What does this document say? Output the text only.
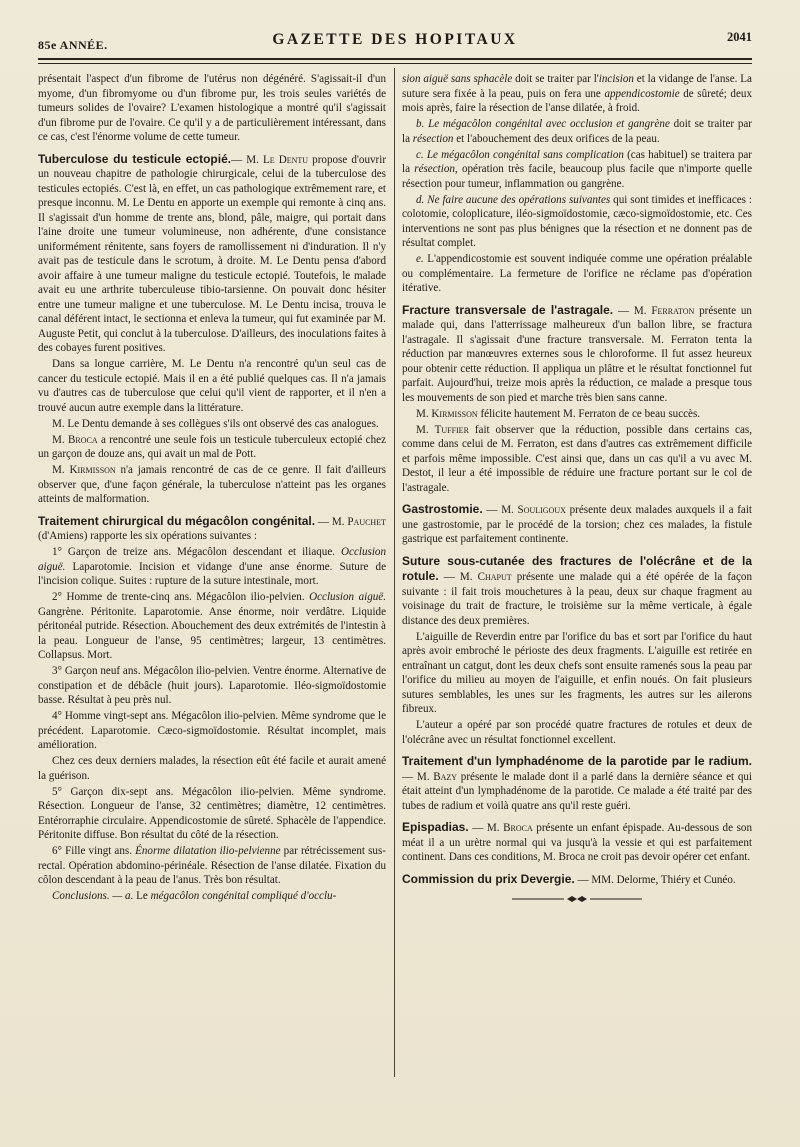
85e ANNÉE.	GAZETTE DES HOPITAUX	2041

présentait l'aspect d'un fibrome de l'utérus non dégénéré. S'agissait-il d'un myome, d'un fibromyome ou d'un fibrome pur, les trois seules variétés de tumeurs solides de l'ovaire? L'examen histologique a montré qu'il s'agissait d'un fibrome pur de l'ovaire. Ce qu'il y a de particulièrement intéressant, dans ce cas, c'est l'énorme volume de cette tumeur.

Tuberculose du testicule ectopié.— M. Le Dentu propose d'ouvrir un nouveau chapitre de pathologie chirurgicale, celui de la tuberculose des testicules ectopiés. C'est là, en effet, un cas pathologique extrêmement rare, et presque inconnu. M. Le Dentu en apporte un exemple qui remonte à cinq ans. Il s'agissait d'un homme de trente ans, blond, pâle, maigre, qui portait dans l'aine droite une tumeur volumineuse, non adhérente, d'une consistance uniformément rénitente, sans foyers de ramollissement ni d'induration. Il n'y avait pas de testicule dans le scrotum, à droite. M. Le Dentu pensa d'abord avoir affaire à une tumeur maligne du testicule ectopié. Toutefois, le malade avait eu une arthrite tuberculeuse tibio-tarsienne. On pouvait donc hésiter entre une tumeur maligne et une tuberculose. M. Le Dentu incisa, trouva le canal déférent intact, le sectionna et enleva la tumeur, qui fut examinée par M. Auguste Petit, qui conclut à la tuberculose. D'ailleurs, des inoculations faites à des cobayes furent positives.

Dans sa longue carrière, M. Le Dentu n'a rencontré qu'un seul cas de cancer du testicule ectopié. Mais il en a été publié quelques cas. Il n'a jamais vu d'autres cas de tuberculose que celui qu'il vient de rapporter, et il n'en a trouvé aucun autre exemple dans la littérature.

M. Le Dentu demande à ses collègues s'ils ont observé des cas analogues.

M. Broca a rencontré une seule fois un testicule tuberculeux ectopié chez un garçon de douze ans, qui avait un mal de Pott.

M. Kirmisson n'a jamais rencontré de cas de ce genre. Il fait d'ailleurs observer que, d'une façon générale, la tuberculose n'atteint pas les organes atteints de malformation.

Traitement chirurgical du mégacôlon congénital. — M. Pauchet (d'Amiens) rapporte les six opérations suivantes :

1° Garçon de treize ans. Mégacôlon descendant et iliaque. Occlusion aiguë. Laparotomie. Incision et vidange d'une anse énorme. Suture de l'incision colique. Suites : rupture de la suture intestinale, mort.

2° Homme de trente-cinq ans. Mégacôlon ilio-pelvien. Occlusion aiguë. Gangrène. Péritonite. Laparotomie. Anse énorme, noir verdâtre. Liquide péritonéal putride. Résection. Abouchement des deux extrémités de l'intestin à la peau. Longueur de l'anse, 95 centimètres; largeur, 13 centimètres. Collapsus. Mort.

3° Garçon neuf ans. Mégacôlon ilio-pelvien. Ventre énorme. Alternative de constipation et de débâcle (huit jours). Laparotomie. Iléo-sigmoïdostomie basse. Résultat à peu près nul.

4° Homme vingt-sept ans. Mégacôlon ilio-pelvien. Même syndrome que le précédent. Laparotomie. Cæco-sigmoïdostomie. Résultat incomplet, mais amélioration.

Chez ces deux derniers malades, la résection eût été facile et aurait amené la guérison.

5° Garçon dix-sept ans. Mégacôlon ilio-pelvien. Même syndrome. Résection. Longueur de l'anse, 32 centimètres; diamètre, 12 centimètres. Entérorraphie circulaire. Appendicostomie de sûreté. Sphacèle de l'appendice. Péritonite diffuse. Bon résultat du côté de la résection.

6° Fille vingt ans. Énorme dilatation ilio-pelvienne par rétrécissement sus-rectal. Opération abdomino-périnéale. Résection de l'anse dilatée. Fixation du côlon descendant à la peau de l'anus. Très bon résultat.

Conclusions. — a. Le mégacôlon congénital compliqué d'occlu-

sion aiguë sans sphacèle doit se traiter par l'incision et la vidange de l'anse. La suture sera fixée à la peau, puis on fera une appendicostomie de sûreté; deux mois après, faire la résection de l'anse dilatée, à froid.

b. Le mégacôlon congénital avec occlusion et gangrène doit se traiter par la résection et l'abouchement des deux orifices de la peau.

c. Le mégacôlon congénital sans complication (cas habituel) se traitera par la résection, opération très facile, beaucoup plus facile que n'importe quelle résection pour tumeur, inflammation ou gangrène.

d. Ne faire aucune des opérations suivantes qui sont timides et inefficaces : colotomie, coloplicature, iléo-sigmoïdostomie, cæco-sigmoïdostomie, etc. Ces interventions ne sont pas plus bénignes que la résection et ne donnent pas de résultat complet.

e. L'appendicostomie est souvent indiquée comme une opération préalable ou complémentaire. La fermeture de l'orifice ne réclame pas d'opération itérative.

Fracture transversale de l'astragale. — M. Ferraton présente un malade qui, dans l'atterrissage malheureux d'un ballon libre, se fractura l'astragale. Il s'agissait d'une fracture transversale. M. Ferraton tenta la réduction par manœuvres externes sous le chloroforme. Il fut assez heureux pour obtenir cette réduction. Il appliqua un plâtre et le résultat fonctionnel fut parfait. Aujourd'hui, treize mois après la réduction, ce malade a presque tous les mouvements de son pied et marche très bien sans canne.

M. Kirmisson félicite hautement M. Ferraton de ce beau succès.

M. Tuffier fait observer que la réduction, possible dans certains cas, comme dans celui de M. Ferraton, est dans d'autres cas extrêmement difficile et parfois même impossible. C'est ainsi que, dans un cas qu'il a vu avec M. Destot, il leur a été impossible de réduire une fracture portant sur le col de l'astragale.

Gastrostomie. — M. Souligoux présente deux malades auxquels il a fait une gastrostomie, par le procédé de la torsion; chez ces malades, la fistule gastrique est parfaitement continente.

Suture sous-cutanée des fractures de l'olécrâne et de la rotule. — M. Chaput présente une malade qui a été opérée de la façon suivante : il fait trois mouchetures à la peau, deux sur chaque fragment au voisinage du trait de fracture, le troisième sur la même verticale, à égale distance des deux premières.

L'aiguille de Reverdin entre par l'orifice du bas et sort par l'orifice du haut après avoir embroché le périoste des deux fragments. L'aiguille est retirée en entraînant un catgut, dont les deux chefs sont ensuite ramenés sous la peau par l'orifice du milieu au moyen de l'aiguille, et enfin noués. On fait plusieurs sutures semblables, les unes sur les fragments, les autres sur les ailerons fibreux.

L'auteur a opéré par son procédé quatre fractures de rotules et deux de l'olécrâne avec un résultat fonctionnel excellent.

Traitement d'un lymphadénome de la parotide par le radium. — M. Bazy présente le malade dont il a parlé dans la dernière séance et qui était atteint d'un lymphadénome de la parotide. Ce malade a été traité par des tubes de radium et voilà quatre ans qu'il reste guéri.

Epispadias. — M. Broca présente un enfant épispade. Au-dessous de son méat il a un urètre normal qui va jusqu'à la vessie et qui est parfaitement continent. Dans ces conditions, M. Broca ne croit pas devoir opérer cet enfant.

Commission du prix Devergie. — MM. Delorme, Thiéry et Cunéo.
